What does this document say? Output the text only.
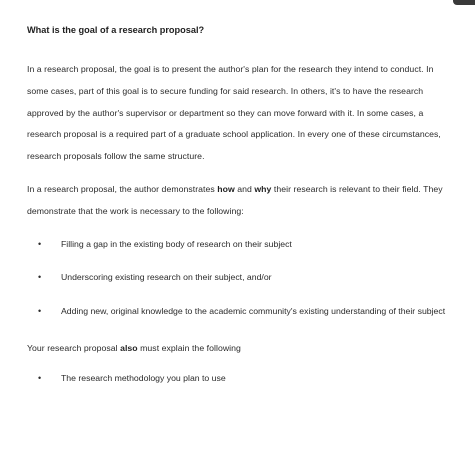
What is the goal of a research proposal?

In a research proposal, the goal is to present the author's plan for the research they intend to conduct. In some cases, part of this goal is to secure funding for said research. In others, it's to have the research approved by the author's supervisor or department so they can move forward with it. In some cases, a research proposal is a required part of a graduate school application. In every one of these circumstances, research proposals follow the same structure.

In a research proposal, the author demonstrates how and why their research is relevant to their field. They demonstrate that the work is necessary to the following:

• Filling a gap in the existing body of research on their subject
• Underscoring existing research on their subject, and/or
• Adding new, original knowledge to the academic community's existing understanding of their subject

Your research proposal also must explain the following

• The research methodology you plan to use
